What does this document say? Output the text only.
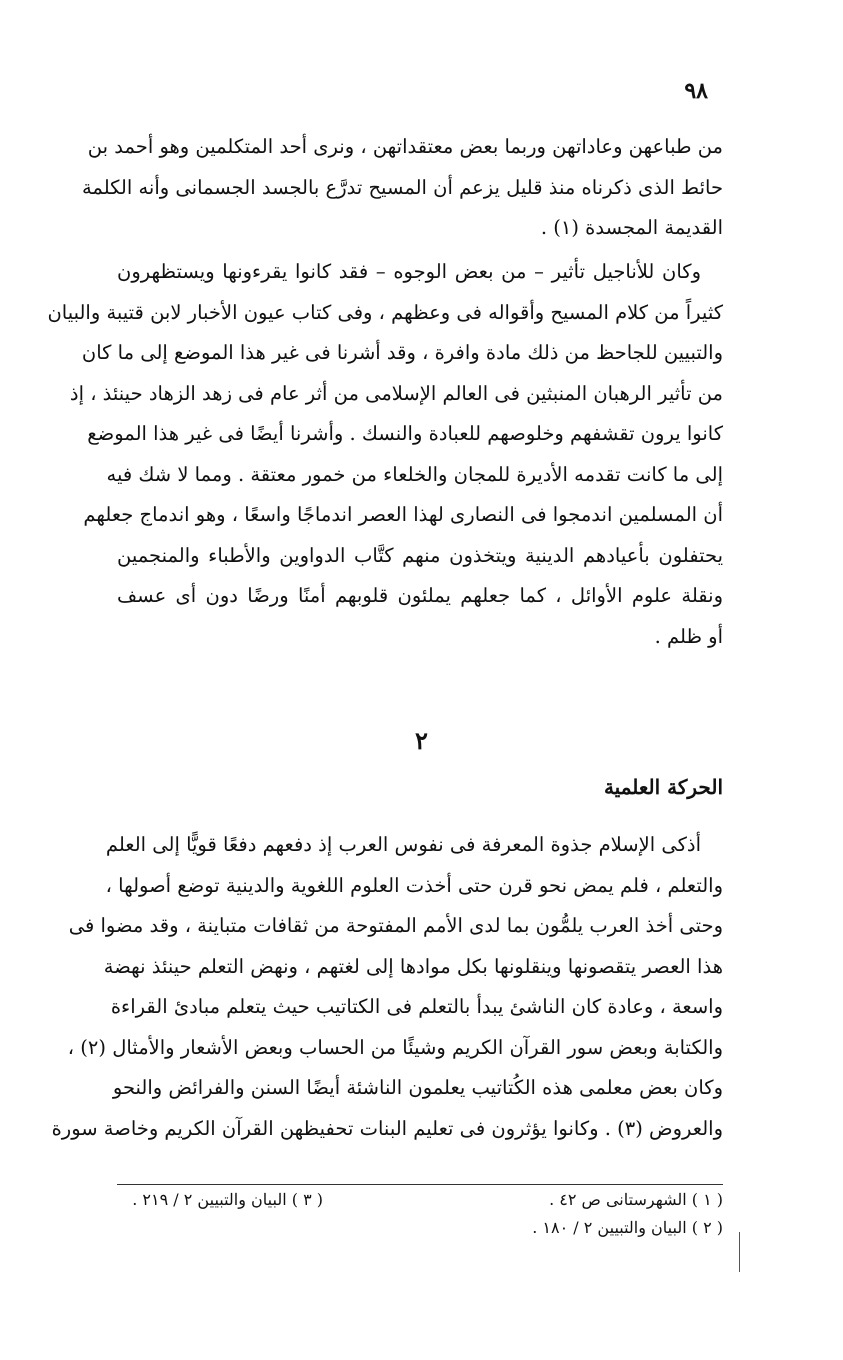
٩٨
من طباعهن وعاداتهن وربما بعض معتقداتهن ، ونرى أحد المتكلمين وهو أحمد بن
حائط الذى ذكرناه منذ قليل يزعم أن المسيح تدرَّع بالجسد الجسمانى وأنه الكلمة
القديمة المجسدة (١) .
وكان للأناجيل تأثير – من بعض الوجوه – فقد كانوا يقرءونها ويستظهرون
كثيراً من كلام المسيح وأقواله فى وعظهم ، وفى كتاب عيون الأخبار لابن قتيبة والبيان
والتبيين للجاحظ من ذلك مادة وافرة ، وقد أشرنا فى غير هذا الموضع إلى ما كان
من تأثير الرهبان المنبثين فى العالم الإسلامى من أثر عام فى زهد الزهاد حينئذ ، إذ
كانوا يرون تقشفهم وخلوصهم للعبادة والنسك . وأشرنا أيضًا فى غير هذا الموضع
إلى ما كانت تقدمه الأديرة للمجان والخلعاء من خمور معتقة . ومما لا شك فيه
أن المسلمين اندمجوا فى النصارى لهذا العصر اندماجًا واسعًا ، وهو اندماج جعلهم
يحتفلون بأعيادهم الدينية ويتخذون منهم كتَّاب الدواوين والأطباء والمنجمين
ونقلة علوم الأوائل ، كما جعلهم يملئون قلوبهم أمنًا ورضًا دون أى عسف
أو ظلم .
٢
الحركة العلمية
أذكى الإسلام جذوة المعرفة فى نفوس العرب إذ دفعهم دفعًا قويًّا إلى العلم
والتعلم ، فلم يمض نحو قرن حتى أخذت العلوم اللغوية والدينية توضع أصولها ،
وحتى أخذ العرب يلمُّون بما لدى الأمم المفتوحة من ثقافات متباينة ، وقد مضوا فى
هذا العصر يتقصونها وينقلونها بكل موادها إلى لغتهم ، ونهض التعلم حينئذ نهضة
واسعة ، وعادة كان الناشئ يبدأ بالتعلم فى الكتاتيب حيث يتعلم مبادئ القراءة
والكتابة وبعض سور القرآن الكريم وشيئًا من الحساب وبعض الأشعار والأمثال (٢) ،
وكان بعض معلمى هذه الكُتاتيب يعلمون الناشئة أيضًا السنن والفرائض والنحو
والعروض (٣) . وكانوا يؤثرون فى تعليم البنات تحفيظهن القرآن الكريم وخاصة سورة
( ١ ) الشهرستانى ص ٤٢ .
( ٣ ) البيان والتبيين ٢ / ٢١٩ .
( ٢ ) البيان والتبيين ٢ / ١٨٠ .
